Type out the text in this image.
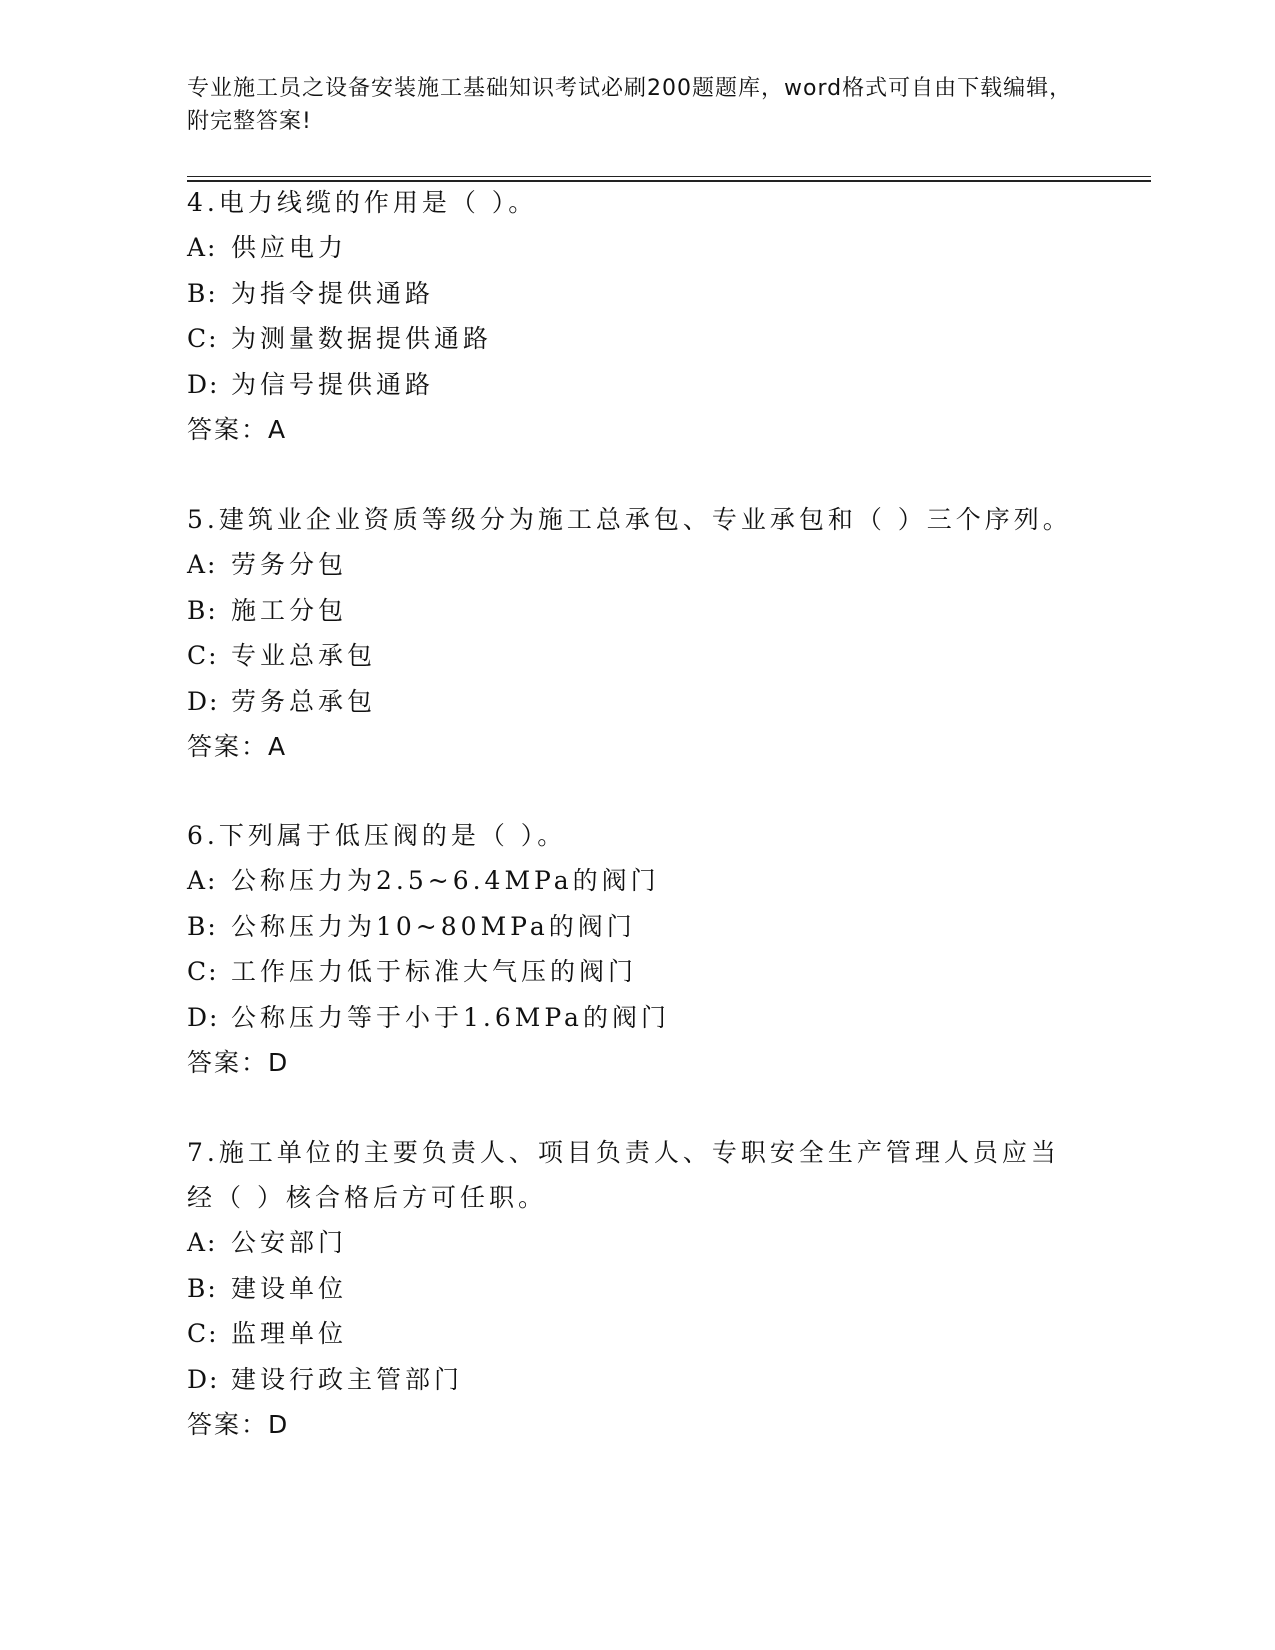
专业施工员之设备安装施工基础知识考试必刷200题题库，word格式可自由下载编辑，附完整答案!

4.电力线缆的作用是（ ）。

A: 供应电力

B: 为指令提供通路

C: 为测量数据提供通路

D: 为信号提供通路

答案：A

5.建筑业企业资质等级分为施工总承包、专业承包和（ ）三个序列。

A: 劳务分包

B: 施工分包

C: 专业总承包

D: 劳务总承包

答案：A

6.下列属于低压阀的是（ ）。

A: 公称压力为2.5~6.4MPa的阀门

B: 公称压力为10~80MPa的阀门

C: 工作压力低于标准大气压的阀门

D: 公称压力等于小于1.6MPa的阀门

答案：D

7.施工单位的主要负责人、项目负责人、专职安全生产管理人员应当经（ ）核合格后方可任职。

A: 公安部门

B: 建设单位

C: 监理单位

D: 建设行政主管部门

答案：D
